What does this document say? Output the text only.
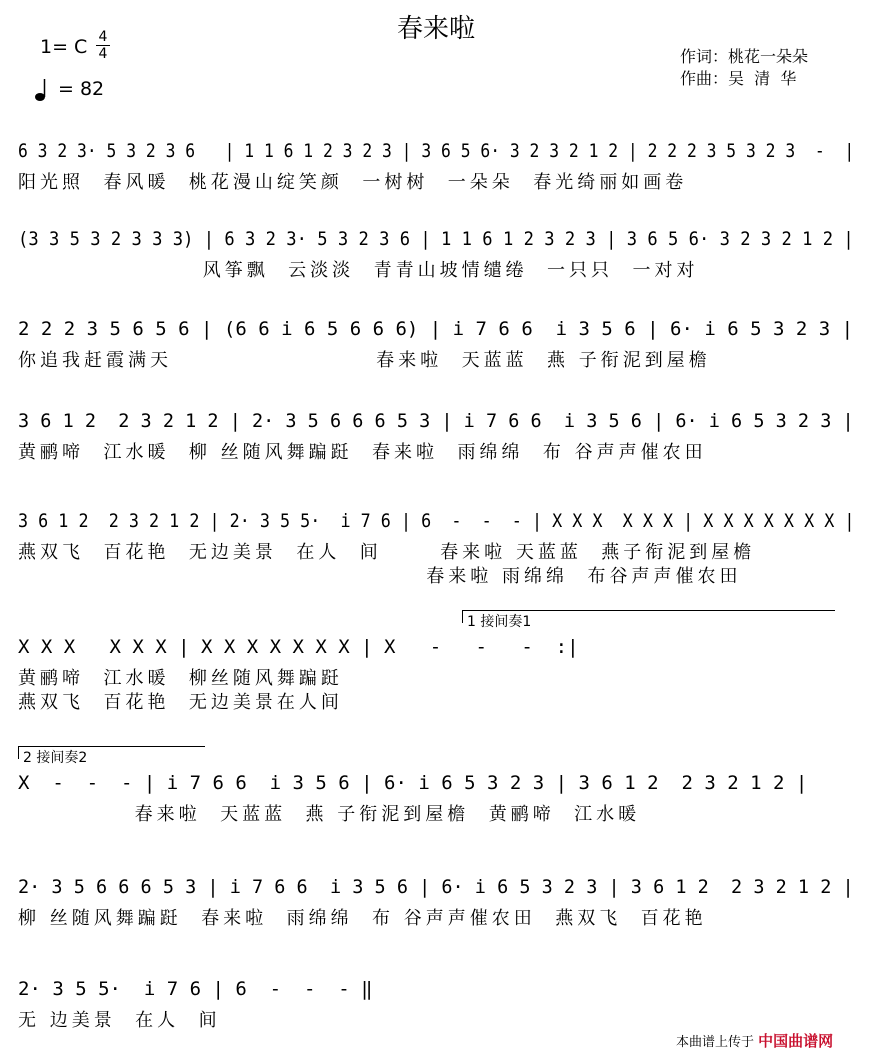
春来啦
1= C 4
4
= 82
作词：桃花一朵朵
作曲：吴  清  华
6 3 2 3· 5 3 2 3 6   | 1 1 6 1 2 3 2 3 | 3 6 5 6· 3 2 3 2 1 2 | 2 2 2 3 5 3 2 3  -  |
阳光照  春风暖  桃花漫山绽笑颜  一树树  一朵朵  春光绮丽如画卷
(3 3 5 3 2 3 3 3) | 6 3 2 3· 5 3 2 3 6 | 1 1 6 1 2 3 2 3 | 3 6 5 6· 3 2 3 2 1 2 |
风筝飘  云淡淡  青青山坡情缱绻  一只只  一对对
2 2 2 3 5 6 5 6 | (6 6 i 6 5 6 6 6) | i 7 6 6  i 3 5 6 | 6· i 6 5 3 2 3 |
你追我赶霞满天                     春来啦  天蓝蓝  燕 子衔泥到屋檐
3 6 1 2  2 3 2 1 2 | 2· 3 5 6 6 6 5 3 | i 7 6 6  i 3 5 6 | 6· i 6 5 3 2 3 |
黄鹂啼  江水暖  柳 丝随风舞蹁跹  春来啦  雨绵绵  布 谷声声催农田
3 6 1 2  2 3 2 1 2 | 2· 3 5 5·  i 7 6 | 6  -  -  - | X X X  X X X | X X X X X X X |
燕双飞  百花艳  无边美景  在人  间      春来啦 天蓝蓝  燕子衔泥到屋檐
春来啦 雨绵绵  布谷声声催农田
1 接间奏1
X X X   X X X | X X X X X X X | X   -   -   -  :|
黄鹂啼  江水暖  柳丝随风舞蹁跹
燕双飞  百花艳  无边美景在人间
2 接间奏2
X  -  -  - | i 7 6 6  i 3 5 6 | 6· i 6 5 3 2 3 | 3 6 1 2  2 3 2 1 2 |
春来啦  天蓝蓝  燕 子衔泥到屋檐  黄鹂啼  江水暖
2· 3 5 6 6 6 5 3 | i 7 6 6  i 3 5 6 | 6· i 6 5 3 2 3 | 3 6 1 2  2 3 2 1 2 |
柳 丝随风舞蹁跹  春来啦  雨绵绵  布 谷声声催农田  燕双飞  百花艳
2· 3 5 5·  i 7 6 | 6  -  -  - ‖
无 边美景  在人  间
本曲谱上传于 中国曲谱网
